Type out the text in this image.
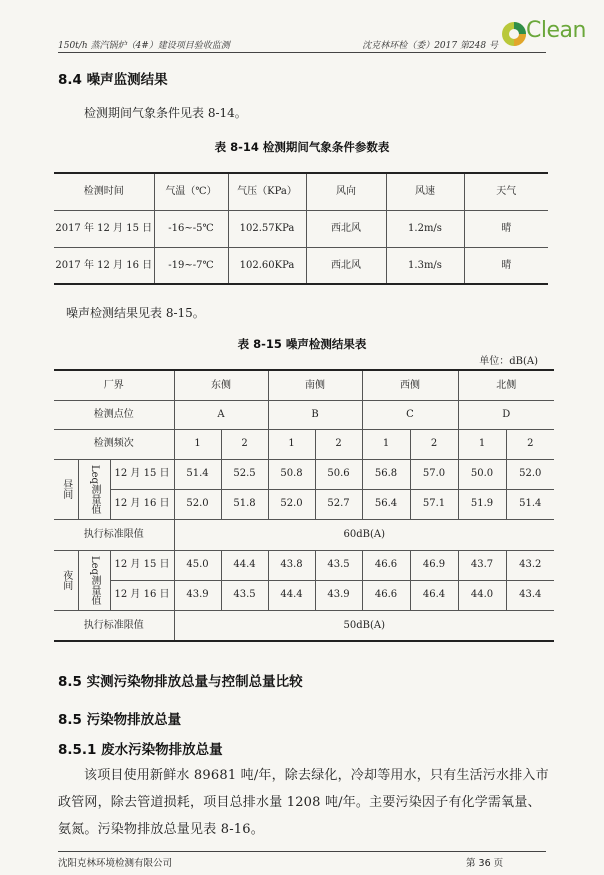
150t/h 蒸汽锅炉（4#）建设项目验收监测	沈克林环检（委）2017 第248 号
Clean
8.4 噪声监测结果
检测期间气象条件见表 8-14。
表 8-14 检测期间气象条件参数表
检测时间	气温（℃）	气压（KPa）	风向	风速	天气
2017 年 12 月 15 日	-16~-5℃	102.57KPa	西北风	1.2m/s	晴
2017 年 12 月 16 日	-19~-7℃	102.60KPa	西北风	1.3m/s	晴
噪声检测结果见表 8-15。
表 8-15 噪声检测结果表
单位：dB(A)
厂界			东侧		南侧		西侧		北侧	
检测点位			A		B		C		D	
检测频次			1	2	1	2	1	2	1	2
昼间	Leq测量值	12 月 15 日	51.4	52.5	50.8	50.6	56.8	57.0	50.0	52.0
		12 月 16 日	52.0	51.8	52.0	52.7	56.4	57.1	51.9	51.4
执行标准限值			60dB(A)							
夜间	Leq测量值	12 月 15 日	45.0	44.4	43.8	43.5	46.6	46.9	43.7	43.2
		12 月 16 日	43.9	43.5	44.4	43.9	46.6	46.4	44.0	43.4
执行标准限值			50dB(A)							
8.5 实测污染物排放总量与控制总量比较
8.5 污染物排放总量
8.5.1 废水污染物排放总量
该项目使用新鲜水 89681 吨/年，除去绿化，冷却等用水，只有生活污水排入市政管网，除去管道损耗，项目总排水量 1208 吨/年。主要污染因子有化学需氧量、氨氮。污染物排放总量见表 8-16。
沈阳克林环境检测有限公司	第 36 页
